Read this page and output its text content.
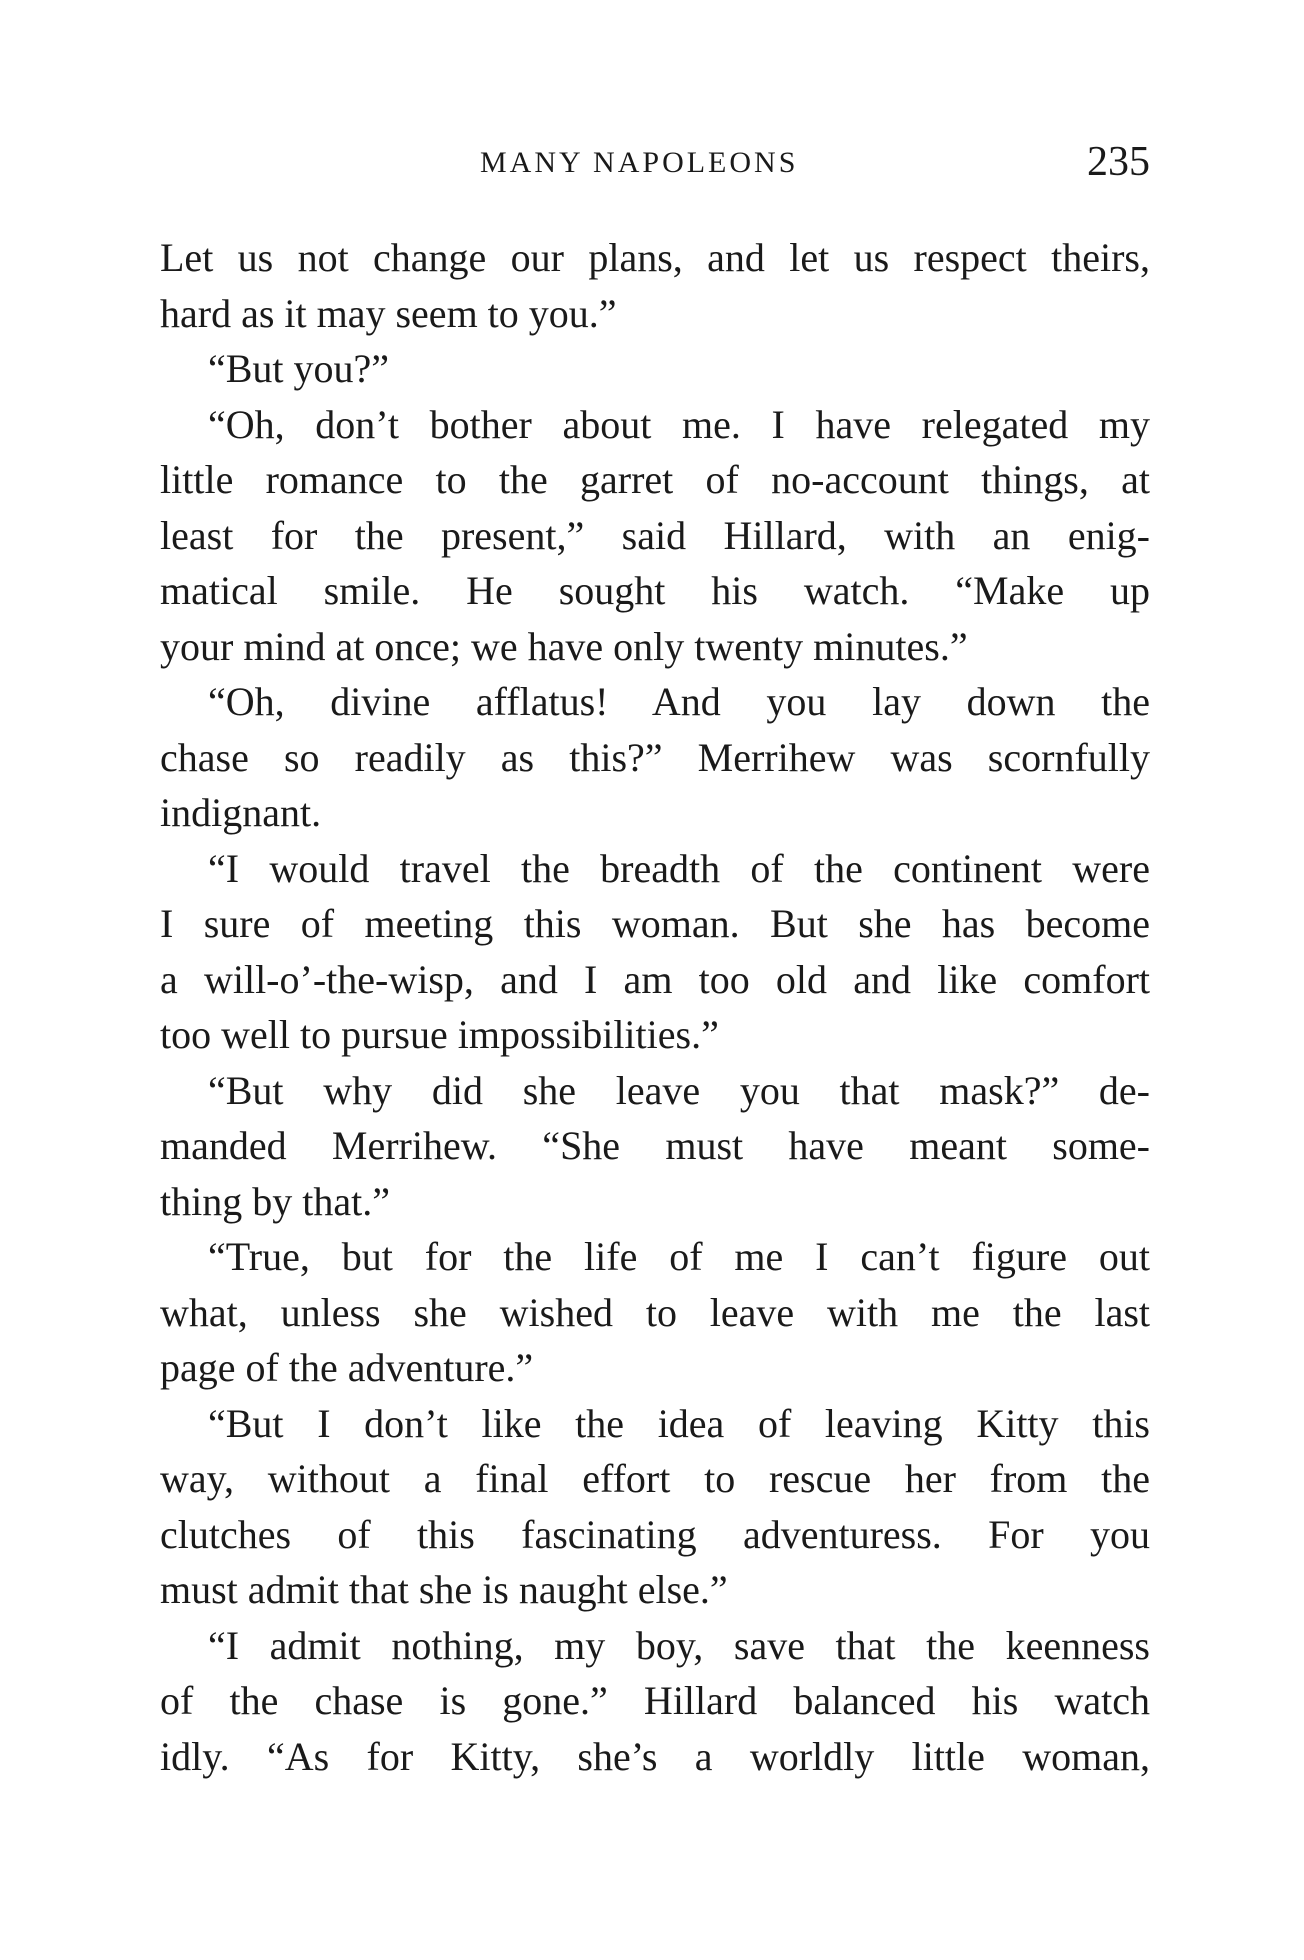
MANY NAPOLEONS	235
Let us not change our plans, and let us respect theirs,
hard as it may seem to you.”
“But you?”
“Oh, don’t bother about me. I have relegated my
little romance to the garret of no-account things, at
least for the present,” said Hillard, with an enig-
matical smile. He sought his watch. “Make up
your mind at once; we have only twenty minutes.”
“Oh, divine afflatus! And you lay down the
chase so readily as this?” Merrihew was scornfully
indignant.
“I would travel the breadth of the continent were
I sure of meeting this woman. But she has become
a will-o’-the-wisp, and I am too old and like comfort
too well to pursue impossibilities.”
“But why did she leave you that mask?” de-
manded Merrihew. “She must have meant some-
thing by that.”
“True, but for the life of me I can’t figure out
what, unless she wished to leave with me the last
page of the adventure.”
“But I don’t like the idea of leaving Kitty this
way, without a final effort to rescue her from the
clutches of this fascinating adventuress. For you
must admit that she is naught else.”
“I admit nothing, my boy, save that the keenness
of the chase is gone.” Hillard balanced his watch
idly. “As for Kitty, she’s a worldly little woman,
